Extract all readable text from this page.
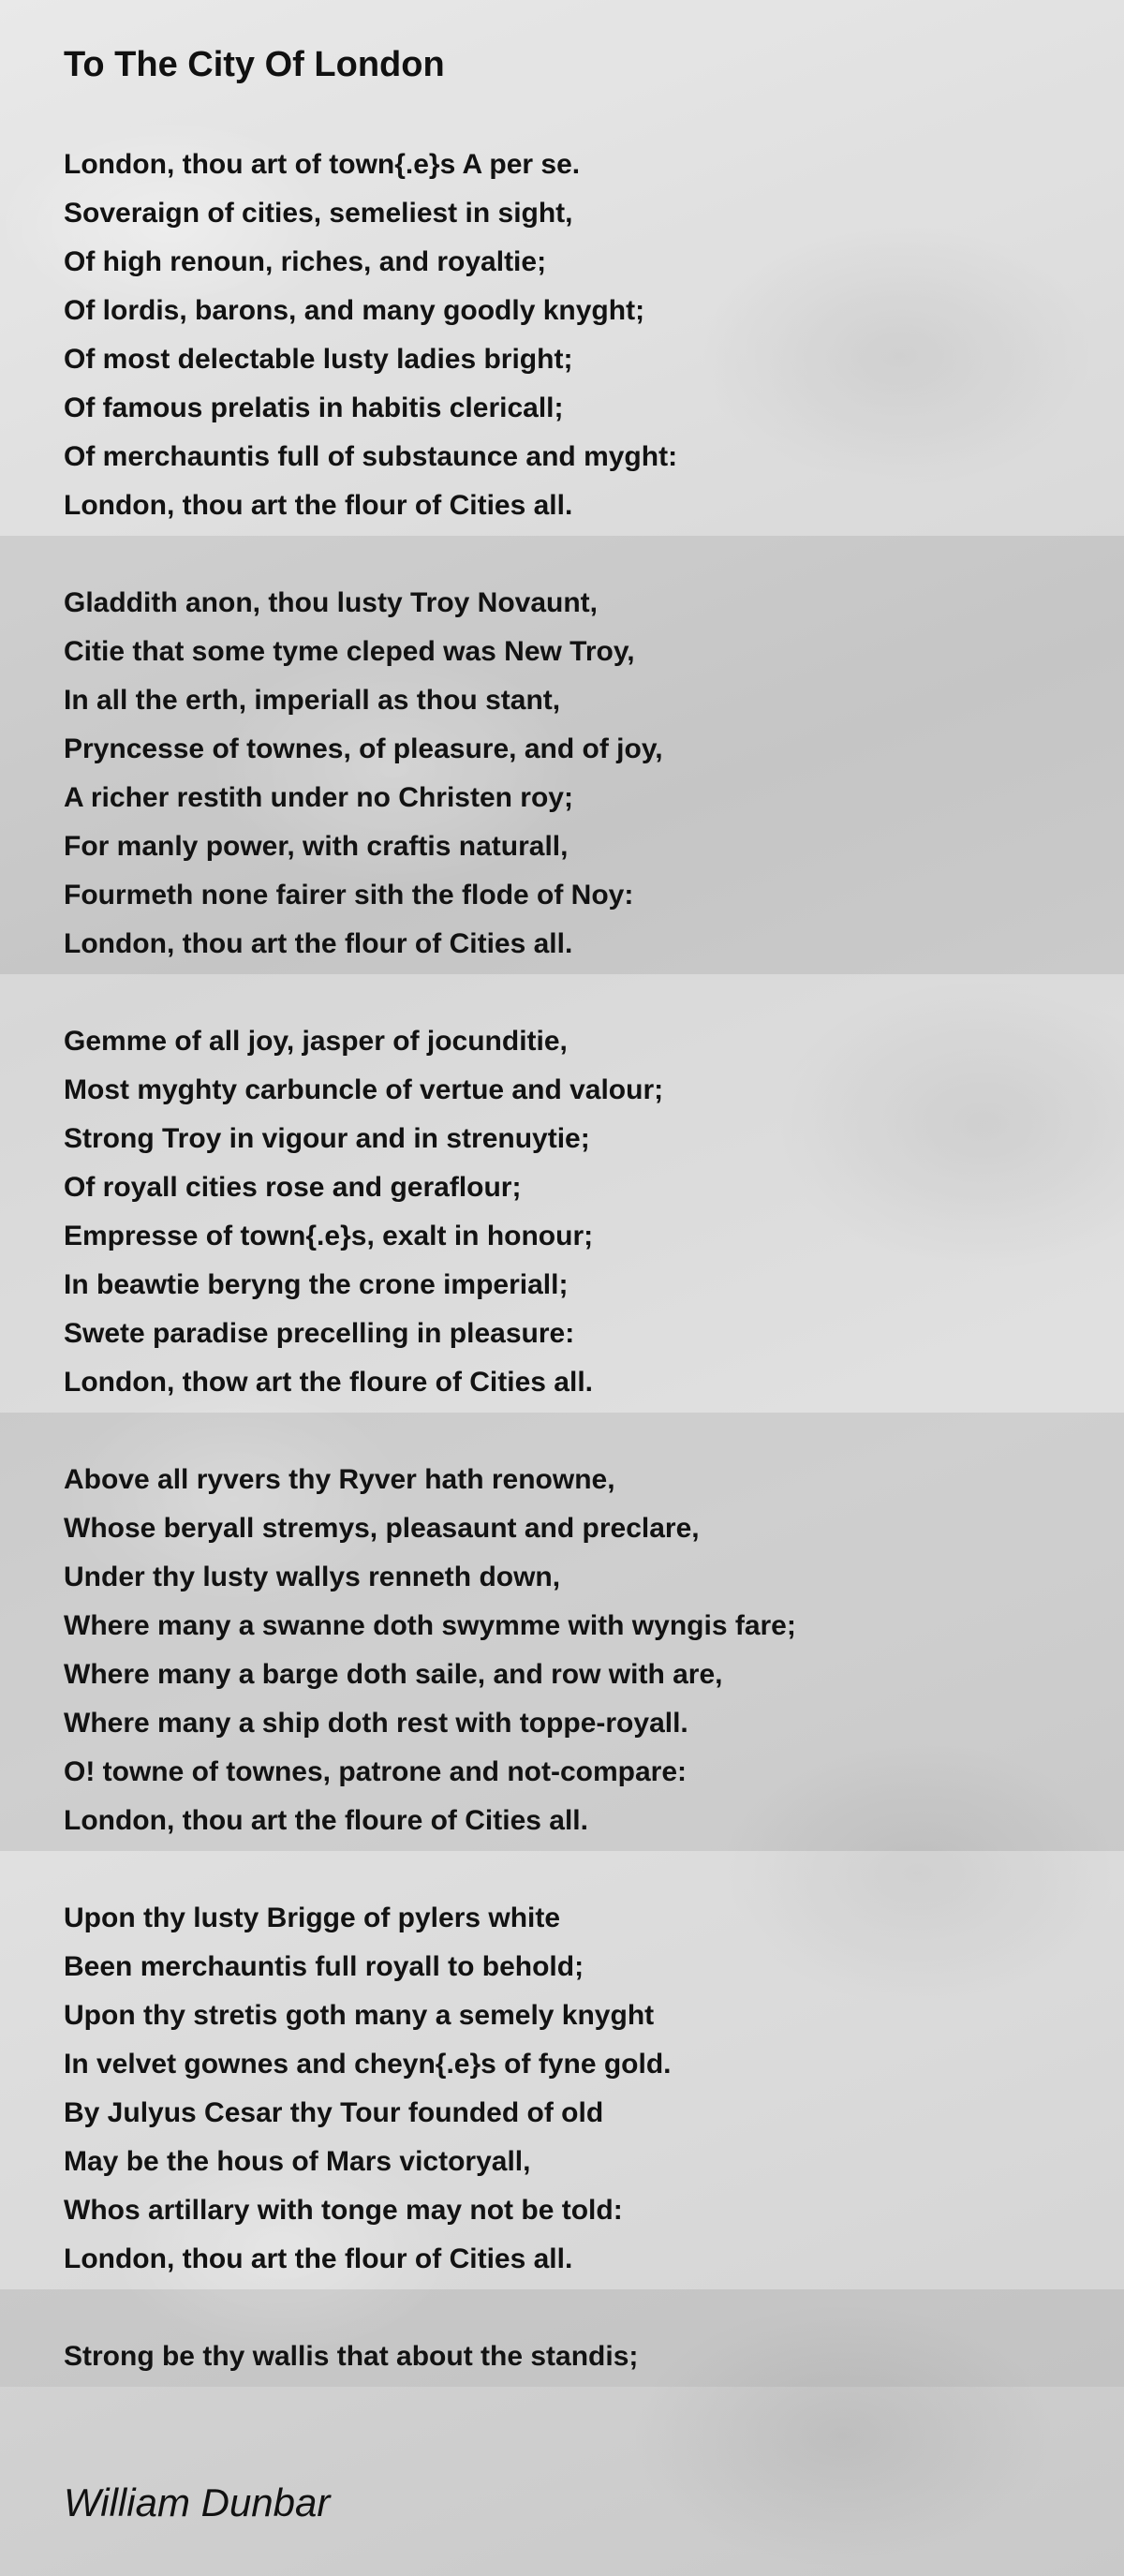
To The City Of London
London, thou art of town{.e}s A per se.
Soveraign of cities, semeliest in sight,
Of high renoun, riches, and royaltie;
Of lordis, barons, and many goodly knyght;
Of most delectable lusty ladies bright;
Of famous prelatis in habitis clericall;
Of merchauntis full of substaunce and myght:
London, thou art the flour of Cities all.
Gladdith anon, thou lusty Troy Novaunt,
Citie that some tyme cleped was New Troy,
In all the erth, imperiall as thou stant,
Pryncesse of townes, of pleasure, and of joy,
A richer restith under no Christen roy;
For manly power, with craftis naturall,
Fourmeth none fairer sith the flode of Noy:
London, thou art the flour of Cities all.
Gemme of all joy, jasper of jocunditie,
Most myghty carbuncle of vertue and valour;
Strong Troy in vigour and in strenuytie;
Of royall cities rose and geraflour;
Empresse of town{.e}s, exalt in honour;
In beawtie beryng the crone imperiall;
Swete paradise precelling in pleasure:
London, thow art the floure of Cities all.
Above all ryvers thy Ryver hath renowne,
Whose beryall stremys, pleasaunt and preclare,
Under thy lusty wallys renneth down,
Where many a swanne doth swymme with wyngis fare;
Where many a barge doth saile, and row with are,
Where many a ship doth rest with toppe-royall.
O! towne of townes, patrone and not-compare:
London, thou art the floure of Cities all.
Upon thy lusty Brigge of pylers white
Been merchauntis full royall to behold;
Upon thy stretis goth many a semely knyght
In velvet gownes and cheyn{.e}s of fyne gold.
By Julyus Cesar thy Tour founded of old
May be the hous of Mars victoryall,
Whos artillary with tonge may not be told:
London, thou art the flour of Cities all.
Strong be thy wallis that about the standis;
William Dunbar
